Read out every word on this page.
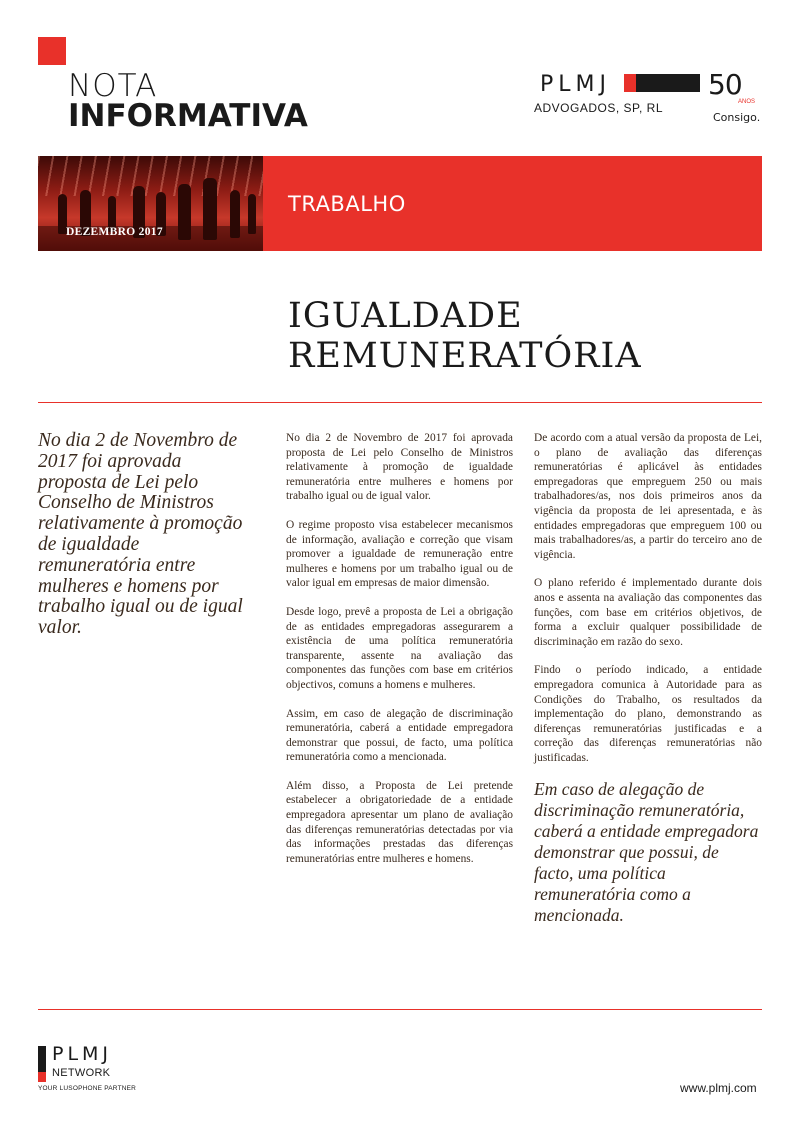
NOTA
INFORMATIVA
PLMJ
ADVOGADOS, SP, RL
50
ANOS
Consigo.
DEZEMBRO 2017
TRABALHO
IGUALDADE
REMUNERATÓRIA
No dia 2 de Novembro de 2017 foi aprovada proposta de Lei pelo Conselho de Ministros relativamente à promoção de igualdade remuneratória entre mulheres e homens por trabalho igual ou de igual valor.

No dia 2 de Novembro de 2017 foi aprovada proposta de Lei pelo Conselho de Ministros relativamente à promoção de igualdade remuneratória entre mulheres e homens por trabalho igual ou de igual valor.

O regime proposto visa estabelecer mecanismos de informação, avaliação e correção que visam promover a igualdade de remuneração entre mulheres e homens por um trabalho igual ou de valor igual em empresas de maior dimensão.

Desde logo, prevê a proposta de Lei a obrigação de as entidades empregadoras assegurarem a existência de uma política remuneratória transparente, assente na avaliação das componentes das funções com base em critérios objectivos, comuns a homens e mulheres.

Assim, em caso de alegação de discriminação remuneratória, caberá a entidade empregadora demonstrar que possui, de facto, uma política remuneratória como a mencionada.

Além disso, a Proposta de Lei pretende estabelecer a obrigatoriedade de a entidade empregadora apresentar um plano de avaliação das diferenças remuneratórias detectadas por via das informações prestadas das diferenças remuneratórias entre mulheres e homens.

De acordo com a atual versão da proposta de Lei, o plano de avaliação das diferenças remuneratórias é aplicável às entidades empregadoras que empreguem 250 ou mais trabalhadores/as, nos dois primeiros anos da vigência da proposta de lei apresentada, e às entidades empregadoras que empreguem 100 ou mais trabalhadores/as, a partir do terceiro ano de vigência.

O plano referido é implementado durante dois anos e assenta na avaliação das componentes das funções, com base em critérios objetivos, de forma a excluir qualquer possibilidade de discriminação em razão do sexo.

Findo o período indicado, a entidade empregadora comunica à Autoridade para as Condições do Trabalho, os resultados da implementação do plano, demonstrando as diferenças remuneratórias justificadas e a correção das diferenças remuneratórias não justificadas.

Em caso de alegação de discriminação remuneratória, caberá a entidade empregadora demonstrar que possui, de facto, uma política remuneratória como a mencionada.

PLMJ
NETWORK
YOUR LUSOPHONE PARTNER	www.plmj.com
